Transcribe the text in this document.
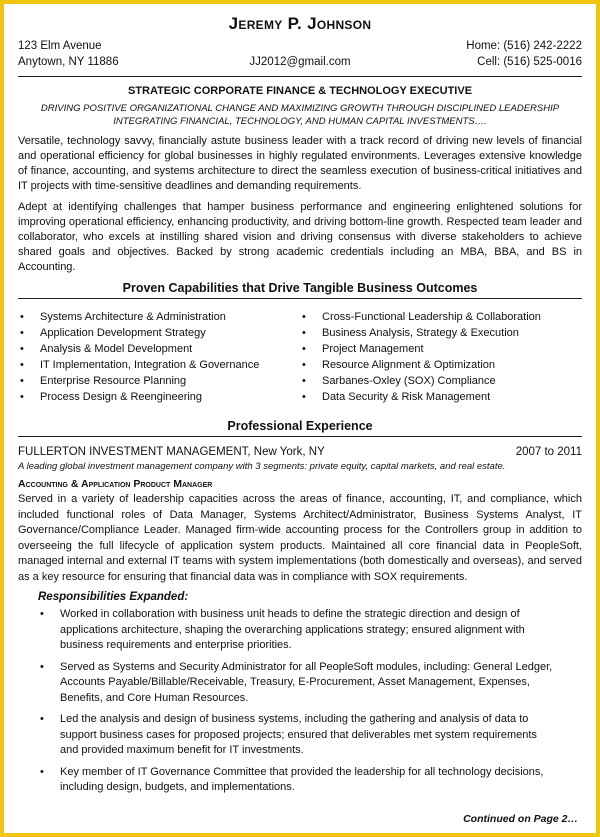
Jeremy P. Johnson
123 Elm Avenue
Anytown, NY 11886	JJ2012@gmail.com
Home: (516) 242-2222
Cell: (516) 525-0016
STRATEGIC CORPORATE FINANCE & TECHNOLOGY EXECUTIVE
DRIVING POSITIVE ORGANIZATIONAL CHANGE AND MAXIMIZING GROWTH THROUGH DISCIPLINED LEADERSHIP
INTEGRATING FINANCIAL, TECHNOLOGY, AND HUMAN CAPITAL INVESTMENTS….

Versatile, technology savvy, financially astute business leader with a track record of driving new levels of financial and operational efficiency for global businesses in highly regulated environments. Leverages extensive knowledge of finance, accounting, and systems architecture to direct the seamless execution of business-critical initiatives and IT projects with time-sensitive deadlines and demanding requirements.

Adept at identifying challenges that hamper business performance and engineering enlightened solutions for improving operational efficiency, enhancing productivity, and driving bottom-line growth. Respected team leader and collaborator, who excels at instilling shared vision and driving consensus with diverse stakeholders to achieve shared goals and objectives. Backed by strong academic credentials including an MBA, BBA, and BS in Accounting.

Proven Capabilities that Drive Tangible Business Outcomes
• Systems Architecture & Administration
• Application Development Strategy
• Analysis & Model Development
• IT Implementation, Integration & Governance
• Enterprise Resource Planning
• Process Design & Reengineering
• Cross-Functional Leadership & Collaboration
• Business Analysis, Strategy & Execution
• Project Management
• Resource Alignment & Optimization
• Sarbanes-Oxley (SOX) Compliance
• Data Security & Risk Management
Professional Experience
FULLERTON INVESTMENT MANAGEMENT, New York, NY	2007 to 2011
A leading global investment management company with 3 segments: private equity, capital markets, and real estate.
Accounting & Application Product Manager

Served in a variety of leadership capacities across the areas of finance, accounting, IT, and compliance, which included functional roles of Data Manager, Systems Architect/Administrator, Business Systems Analyst, IT Governance/Compliance Leader. Managed firm-wide accounting process for the Controllers group in addition to overseeing the full lifecycle of application system products. Maintained all core financial data in PeopleSoft, managed internal and external IT teams with system implementations (both domestically and overseas), and served as a key resource for ensuring that financial data was in compliance with SOX requirements.

Responsibilities Expanded:
• Worked in collaboration with business unit heads to define the strategic direction and design of applications architecture, shaping the overarching applications strategy; ensured alignment with business requirements and enterprise priorities.
• Served as Systems and Security Administrator for all PeopleSoft modules, including: General Ledger, Accounts Payable/Billable/Receivable, Treasury, E-Procurement, Asset Management, Expenses, Benefits, and Core Human Resources.
• Led the analysis and design of business systems, including the gathering and analysis of data to support business cases for proposed projects; ensured that deliverables met system requirements and provided maximum benefit for IT investments.
• Key member of IT Governance Committee that provided the leadership for all technology decisions, including design, budgets, and implementations.
Continued on Page 2…
